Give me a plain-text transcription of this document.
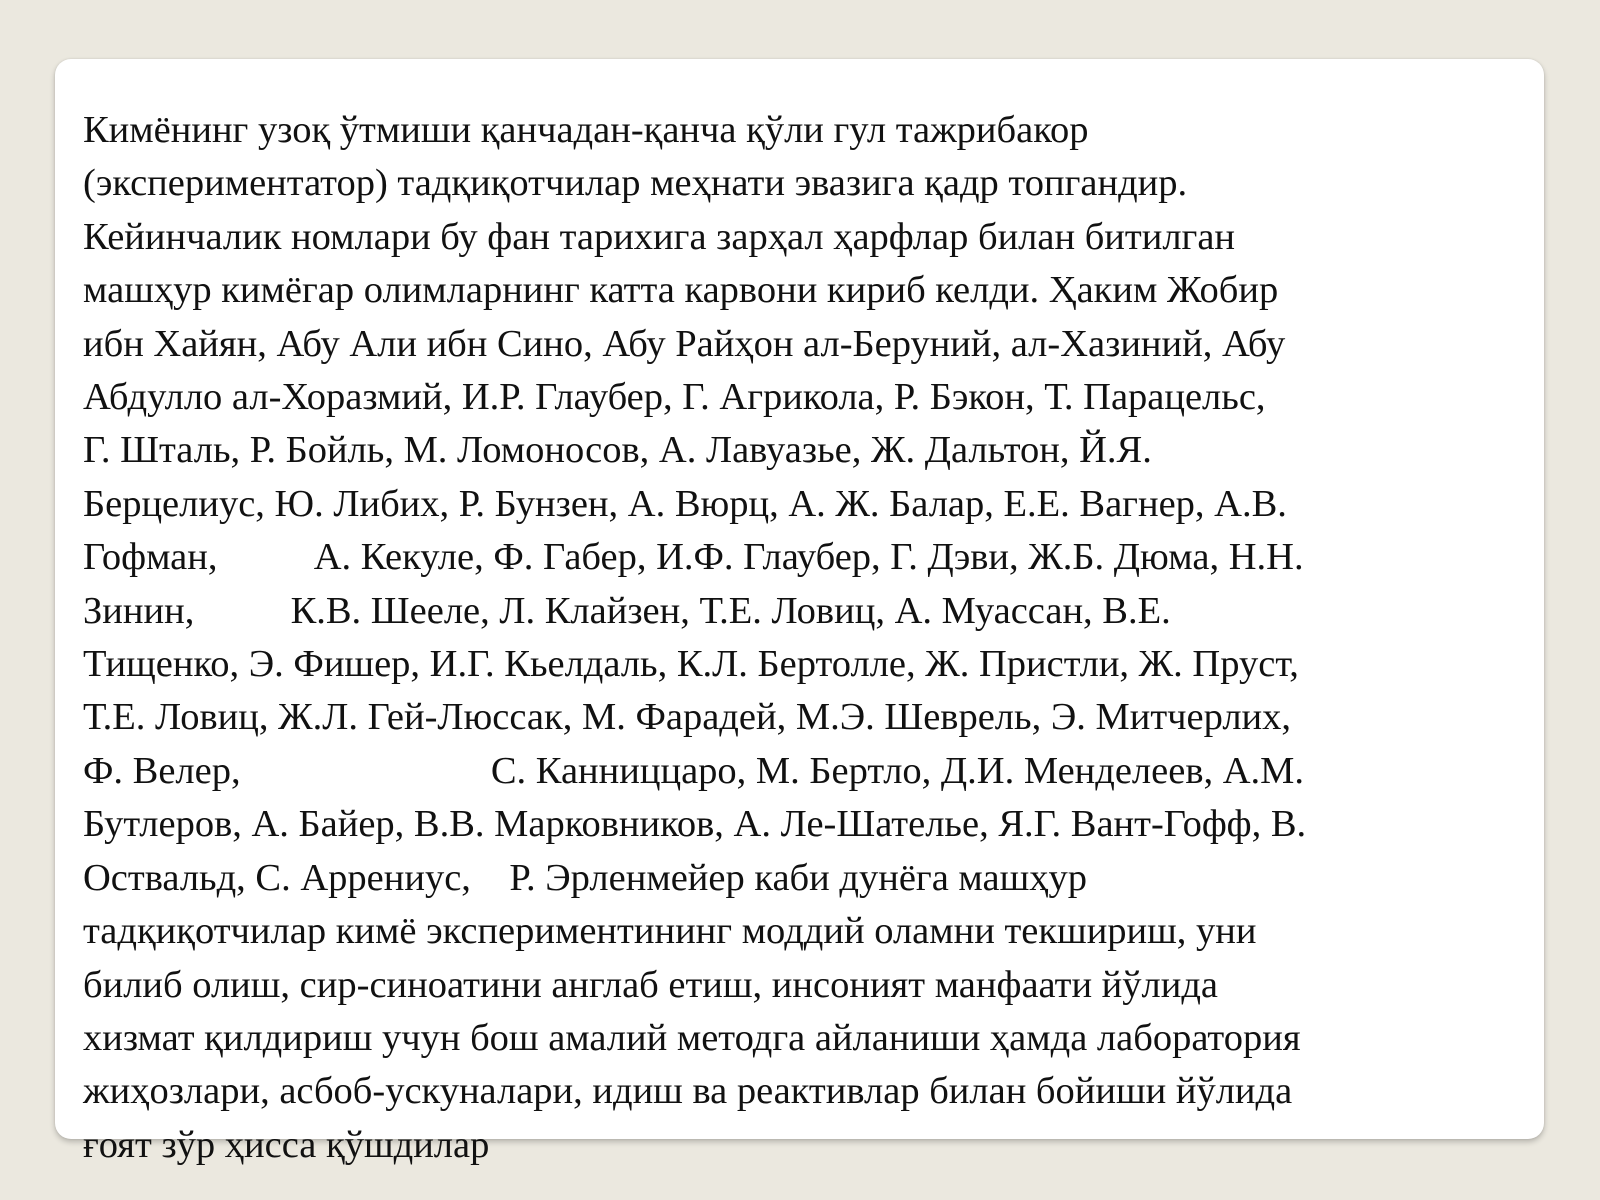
Кимёнинг узоқ ўтмиши қанчадан-қанча қўли гул тажрибакор
(экспериментатор) тадқиқотчилар меҳнати эвазига қадр топгандир.
Кейинчалик номлари бу фан тарихига зарҳал ҳарфлар билан битилган
машҳур кимёгар олимларнинг катта карвони кириб келди. Ҳаким Жобир
ибн Хайян, Абу Али ибн Сино, Абу Райҳон ал-Беруний, ал-Хазиний, Абу
Абдулло ал-Хоразмий, И.Р. Глаубер, Г. Агрикола, Р. Бэкон, Т. Парацельс,
Г. Шталь, Р. Бойль, М. Ломоносов, А. Лавуазье, Ж. Дальтон, Й.Я.
Берцелиус, Ю. Либих, Р. Бунзен, А. Вюрц, А. Ж. Балар, Е.Е. Вагнер, А.В.
Гофман,          А. Кекуле, Ф. Габер, И.Ф. Глаубер, Г. Дэви, Ж.Б. Дюма, Н.Н.
Зинин,          К.В. Шееле, Л. Клайзен, Т.Е. Ловиц, А. Муассан, В.Е.
Тищенко, Э. Фишер, И.Г. Кьелдаль, К.Л. Бертолле, Ж. Пристли, Ж. Пруст,
Т.Е. Ловиц, Ж.Л. Гей-Люссак, М. Фарадей, М.Э. Шеврель, Э. Митчерлих,
Ф. Велер,                          С. Канниццаро, М. Бертло, Д.И. Менделеев, А.М.
Бутлеров, А. Байер, В.В. Марковников, А. Ле-Шателье, Я.Г. Вант-Гофф, В.
Оствальд, С. Аррениус,    Р. Эрленмейер каби дунёга машҳур
тадқиқотчилар кимё экспериментининг моддий оламни текшириш, уни
билиб олиш, сир-синоатини англаб етиш, инсоният манфаати йўлида
хизмат қилдириш учун бош амалий методга айланиши ҳамда лаборатория
жиҳозлари, асбоб-ускуналари, идиш ва реактивлар билан бойиши йўлида
ғоят зўр ҳисса қўшдилар
